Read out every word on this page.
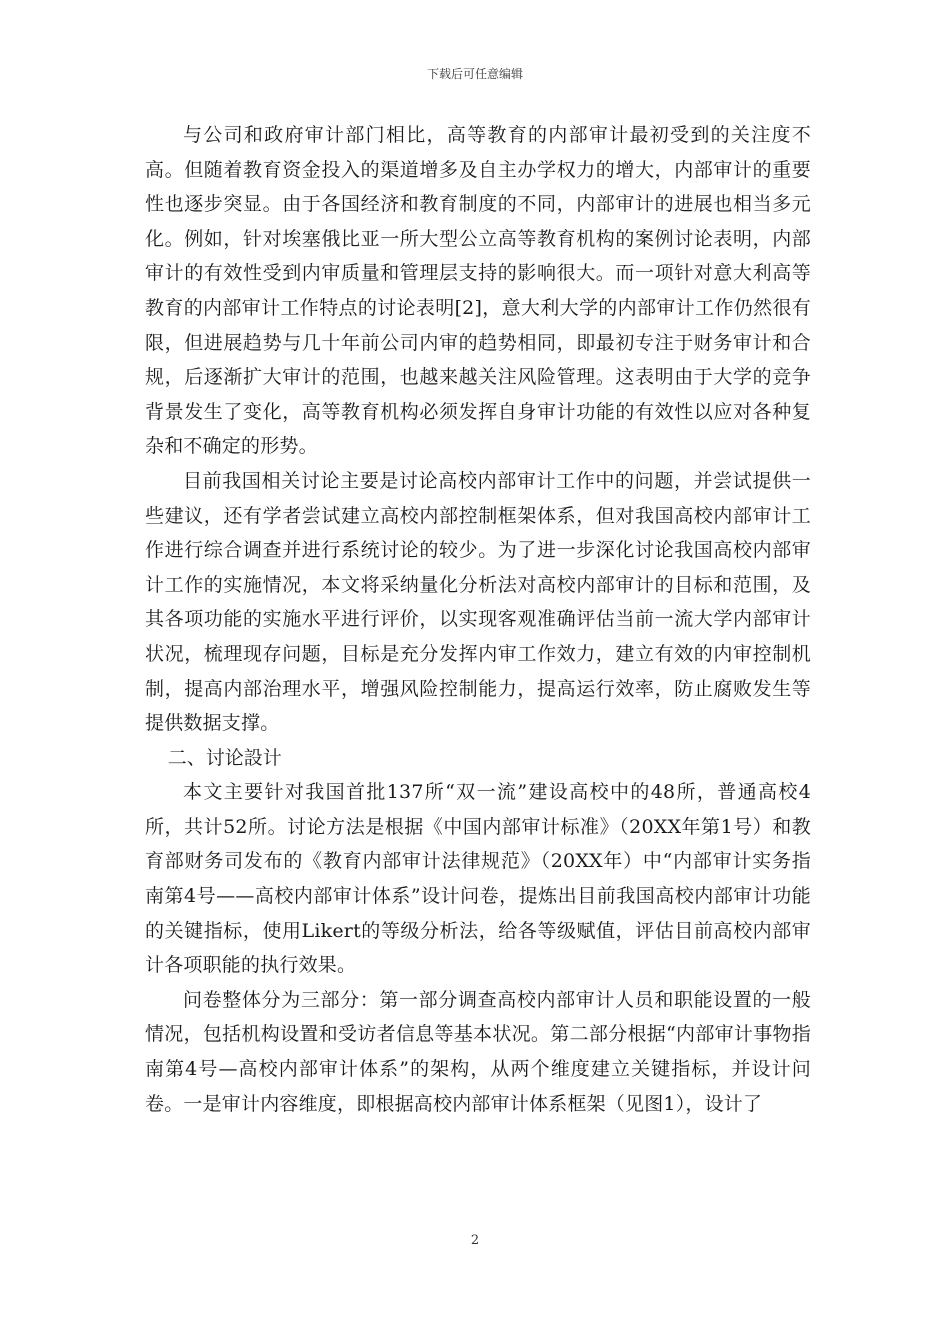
下载后可任意编辑

与公司和政府审计部门相比，高等教育的内部审计最初受到的关注度不高。但随着教育资金投入的渠道增多及自主办学权力的增大，内部审计的重要性也逐步突显。由于各国经济和教育制度的不同，内部审计的进展也相当多元化。例如，针对埃塞俄比亚一所大型公立高等教育机构的案例讨论表明，内部审计的有效性受到内审质量和管理层支持的影响很大。而一项针对意大利高等教育的内部审计工作特点的讨论表明[2]，意大利大学的内部审计工作仍然很有限，但进展趋势与几十年前公司内审的趋势相同，即最初专注于财务审计和合规，后逐渐扩大审计的范围，也越来越关注风险管理。这表明由于大学的竞争背景发生了变化，高等教育机构必须发挥自身审计功能的有效性以应对各种复杂和不确定的形势。

目前我国相关讨论主要是讨论高校内部审计工作中的问题，并尝试提供一些建议，还有学者尝试建立高校内部控制框架体系，但对我国高校内部审计工作进行综合调查并进行系统讨论的较少。为了进一步深化讨论我国高校内部审计工作的实施情况，本文将采纳量化分析法对高校内部审计的目标和范围，及其各项功能的实施水平进行评价，以实现客观准确评估当前一流大学内部审计状况，梳理现存问题，目标是充分发挥内审工作效力，建立有效的内审控制机制，提高内部治理水平，增强风险控制能力，提高运行效率，防止腐败发生等提供数据支撑。

二、讨论設计

本文主要针对我国首批137所“双一流”建设高校中的48所，普通高校4所，共计52所。讨论方法是根据《中国内部审计标准》（20XX年第1号）和教育部财务司发布的《教育内部审计法律规范》（20XX年）中“内部审计实务指南第4号——高校内部审计体系”设计问卷，提炼出目前我国高校内部审计功能的关键指标，使用Likert的等级分析法，给各等级赋值，评估目前高校内部审计各项职能的执行效果。

问卷整体分为三部分：第一部分调查高校内部审计人员和职能设置的一般情况，包括机构设置和受访者信息等基本状况。第二部分根据“内部审计事物指南第4号—高校内部审计体系”的架构，从两个维度建立关键指标，并设计问卷。一是审计内容维度，即根据高校内部审计体系框架（见图1），设计了

2
